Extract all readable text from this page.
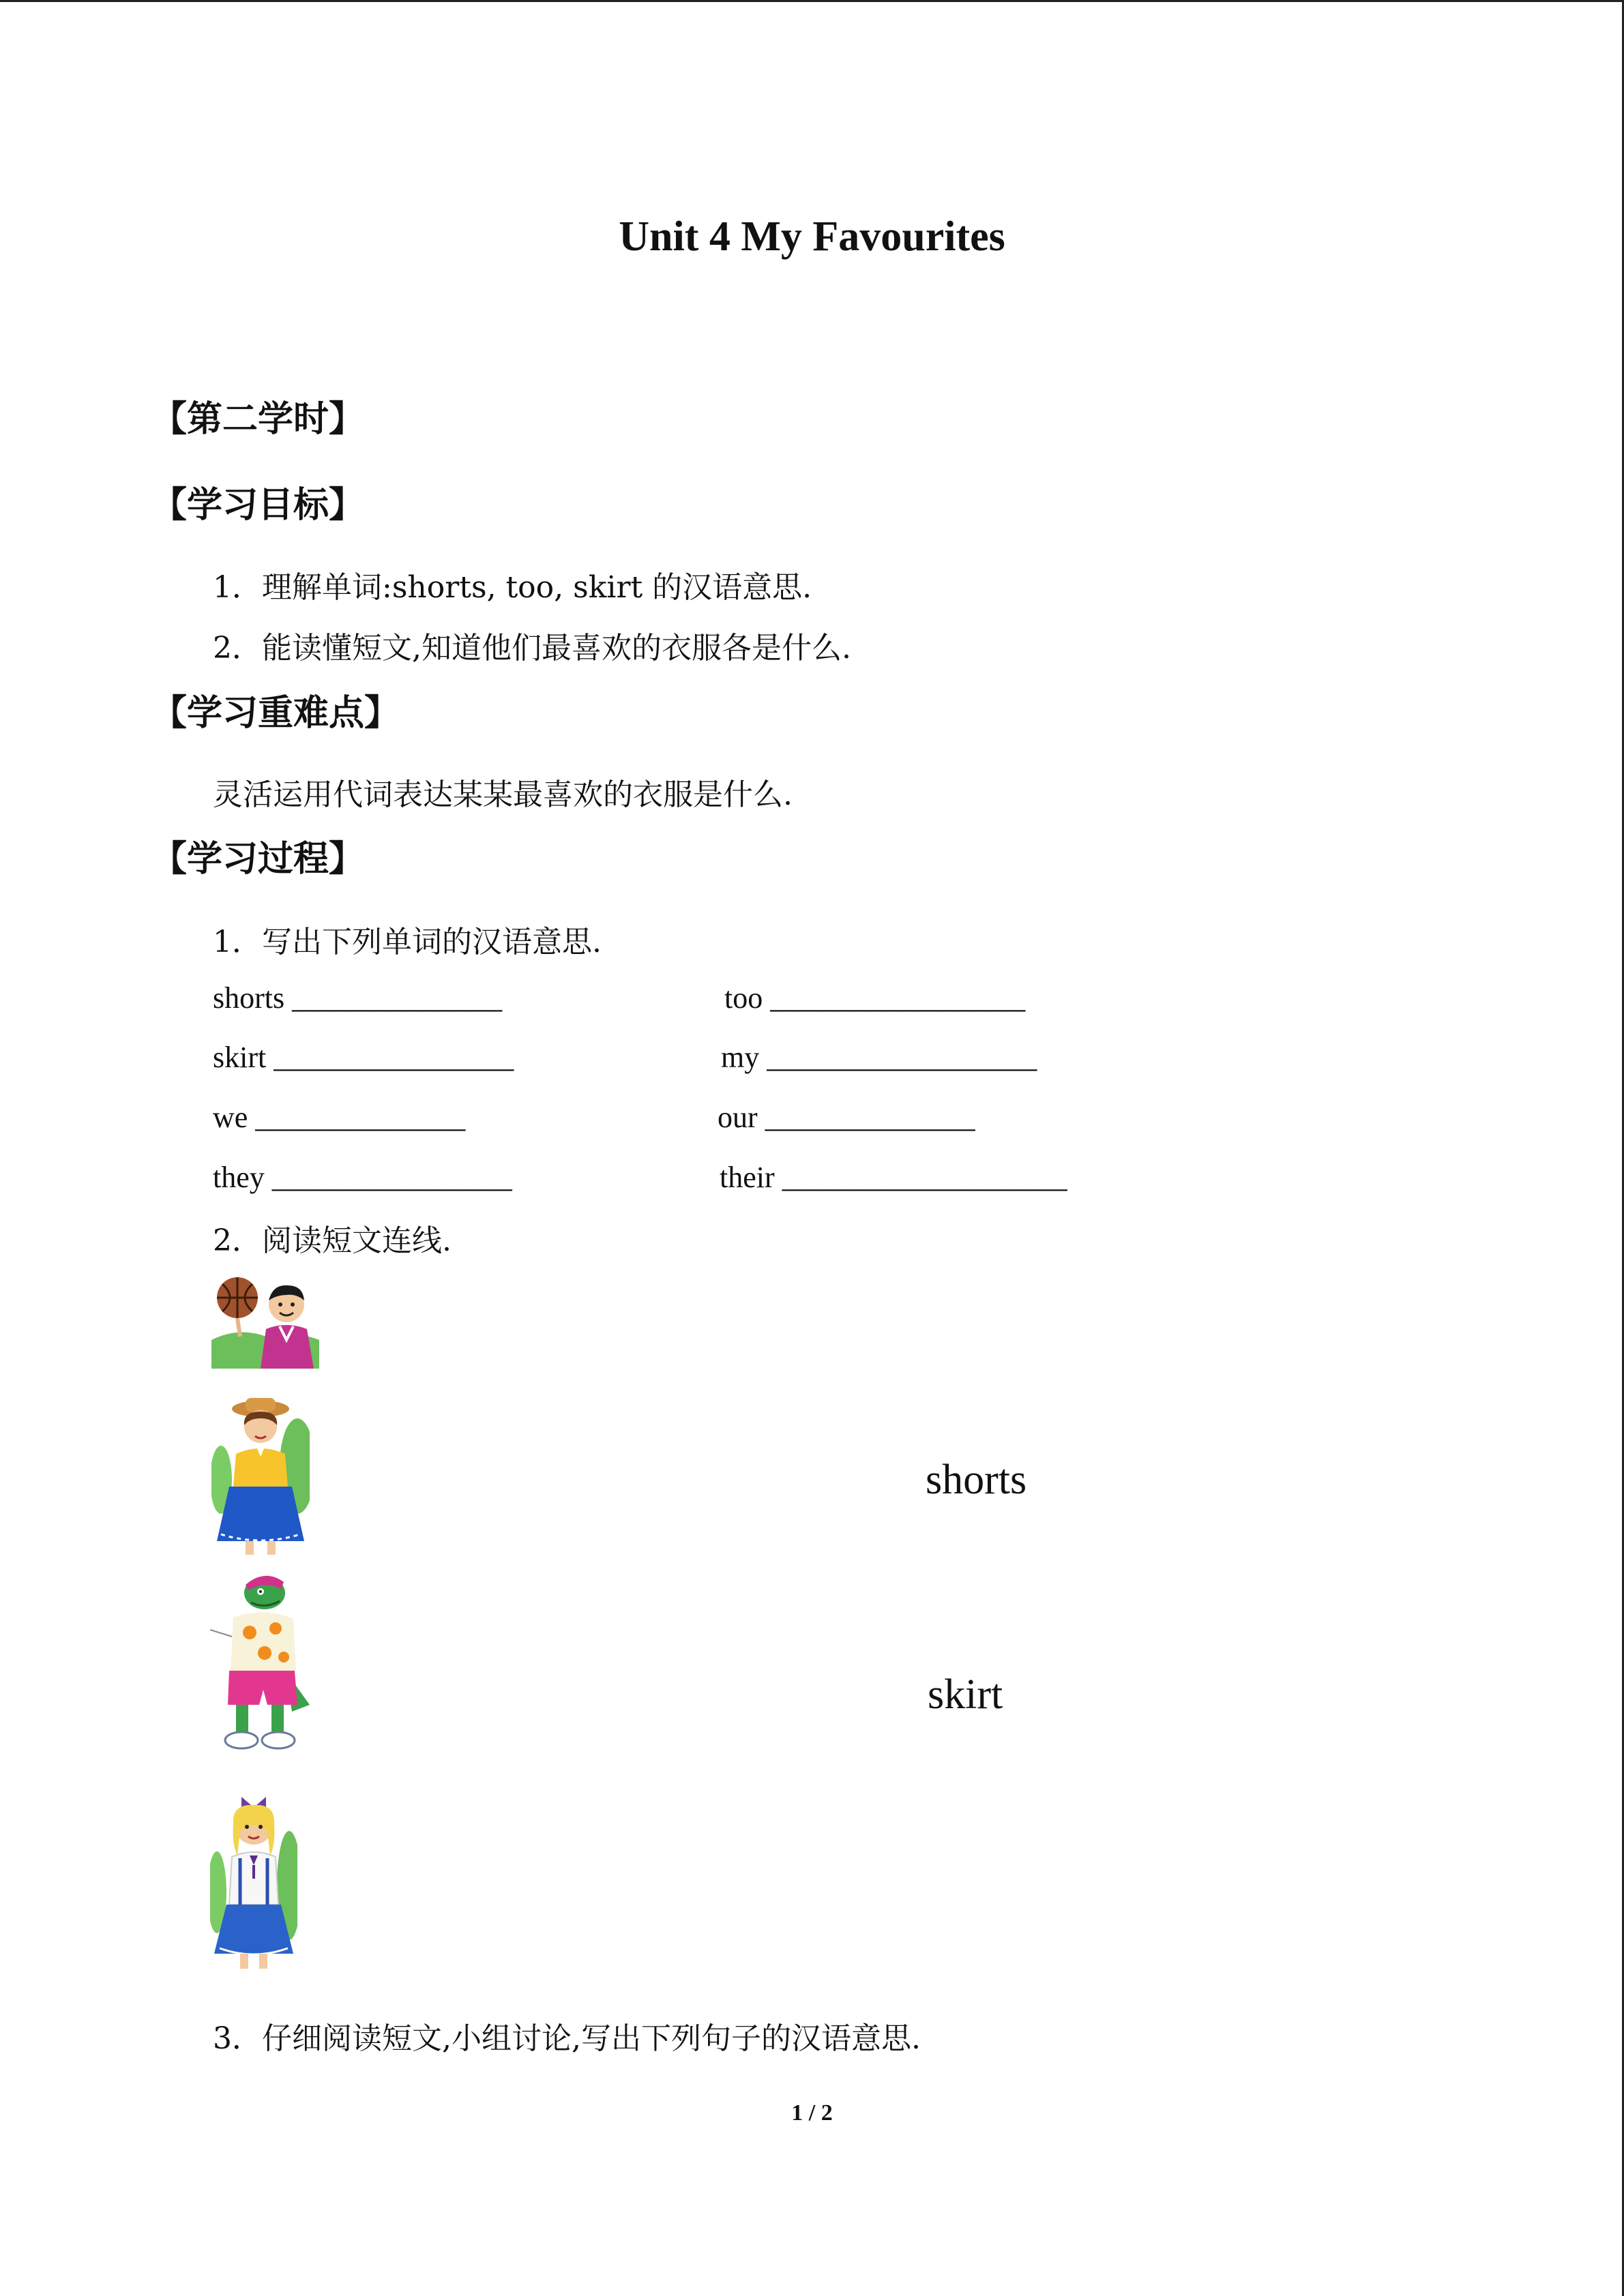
Unit 4 My Favourites
【第二学时】
【学习目标】
1．理解单词:shorts, too, skirt 的汉语意思.
2．能读懂短文,知道他们最喜欢的衣服各是什么.
【学习重难点】
灵活运用代词表达某某最喜欢的衣服是什么.
【学习过程】
1．写出下列单词的汉语意思.
shorts ______________	too _________________
skirt ________________	my __________________
we ______________	our ______________
they ________________	their ___________________
2．阅读短文连线.
shorts
skirt
3．仔细阅读短文,小组讨论,写出下列句子的汉语意思.
1 / 2
